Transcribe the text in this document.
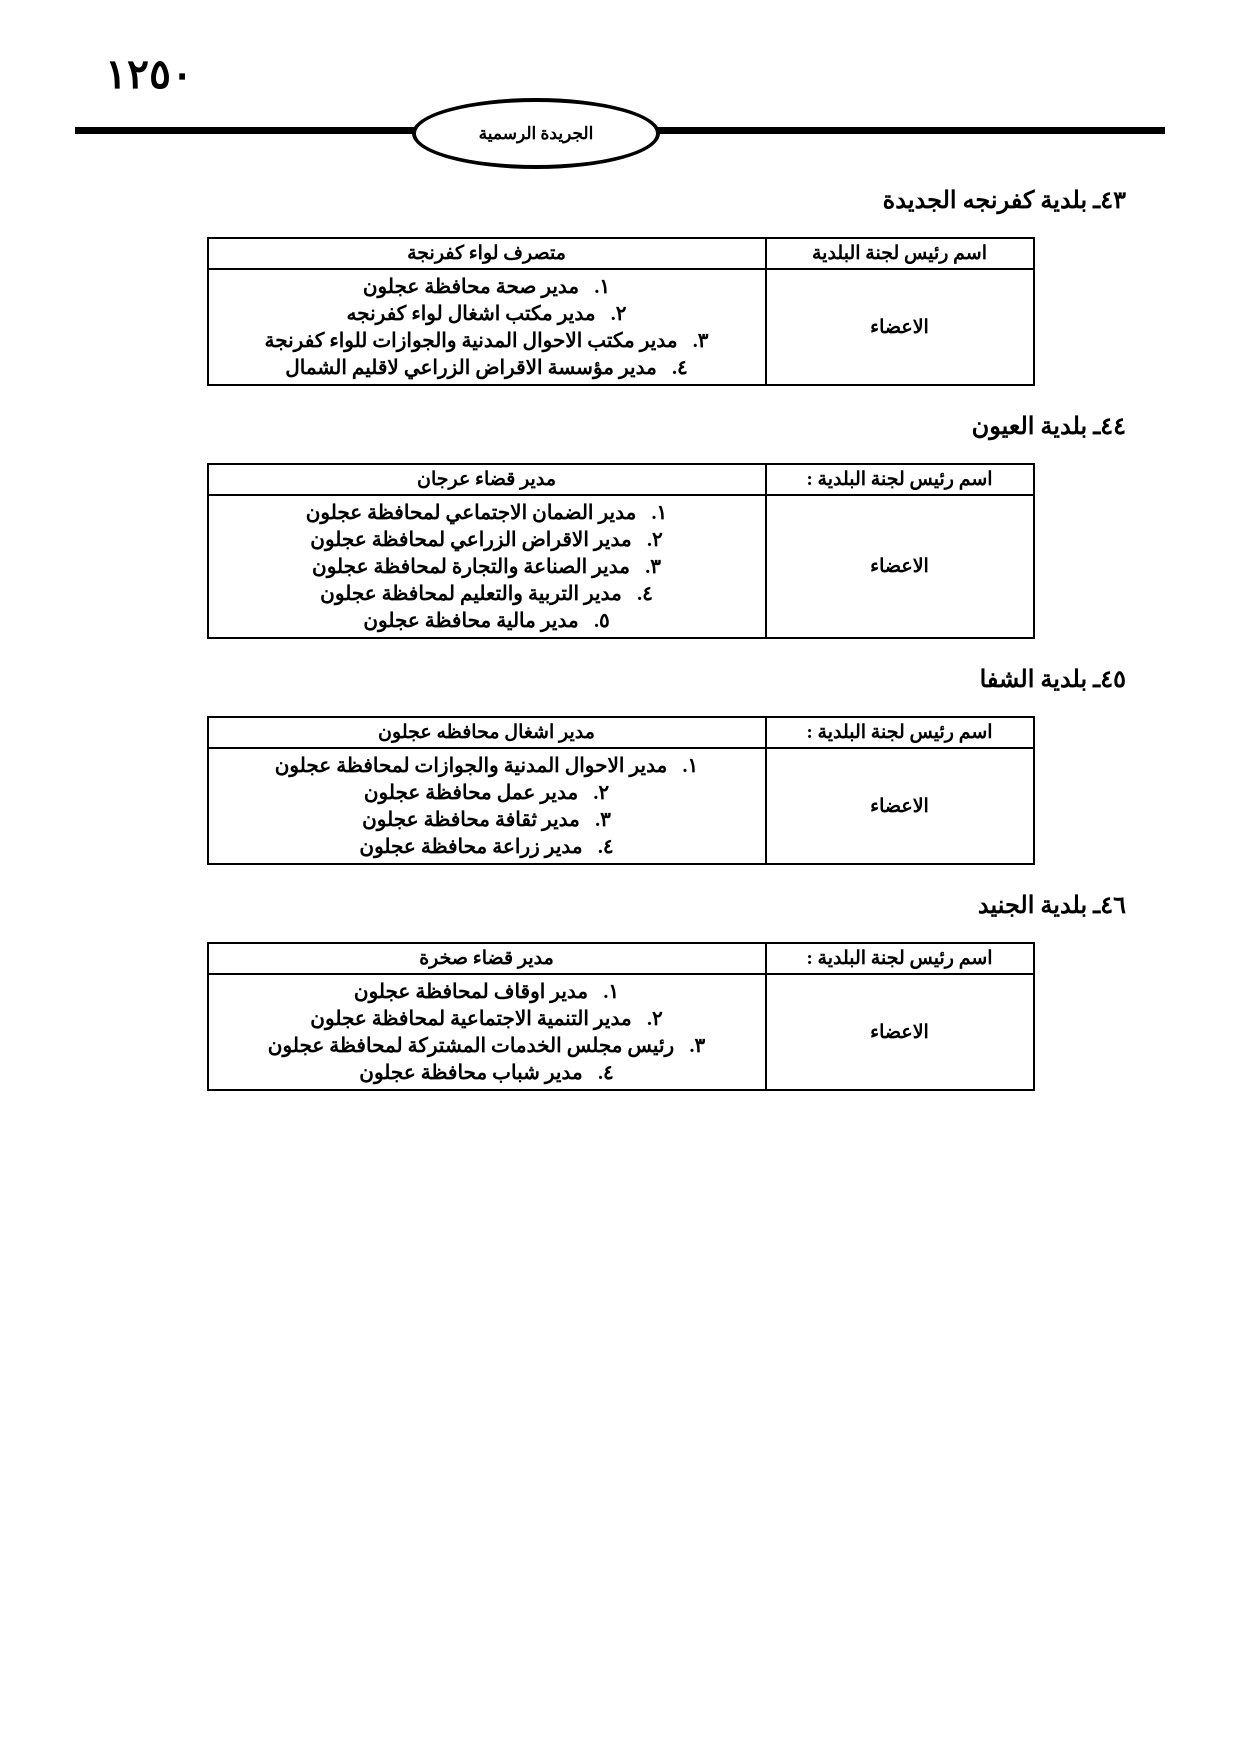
١٢٥٠
الجريدة الرسمية
٤٣ـ بلدية كفرنجه الجديدة
اسم رئيس لجنة البلدية	متصرف لواء كفرنجة
الاعضاء	
١. مدير صحة محافظة عجلون
٢. مدير مكتب اشغال لواء كفرنجه
٣. مدير مكتب الاحوال المدنية والجوازات للواء كفرنجة
٤. مدير مؤسسة الاقراض الزراعي لاقليم الشمال
٤٤ـ بلدية العيون
اسم رئيس لجنة البلدية :	مدير قضاء عرجان
الاعضاء	
١. مدير الضمان الاجتماعي لمحافظة عجلون
٢. مدير الاقراض الزراعي لمحافظة عجلون
٣. مدير الصناعة والتجارة لمحافظة عجلون
٤. مدير التربية والتعليم لمحافظة عجلون
٥. مدير مالية محافظة عجلون
٤٥ـ بلدية الشفا
اسم رئيس لجنة البلدية :	مدير اشغال محافظه عجلون
الاعضاء	
١. مدير الاحوال المدنية والجوازات لمحافظة عجلون
٢. مدير عمل محافظة عجلون
٣. مدير ثقافة محافظة عجلون
٤. مدير زراعة محافظة عجلون
٤٦ـ بلدية الجنيد
اسم رئيس لجنة البلدية :	مدير قضاء صخرة
الاعضاء	
١. مدير اوقاف لمحافظة عجلون
٢. مدير التنمية الاجتماعية لمحافظة عجلون
٣. رئيس مجلس الخدمات المشتركة لمحافظة عجلون
٤. مدير شباب محافظة عجلون
